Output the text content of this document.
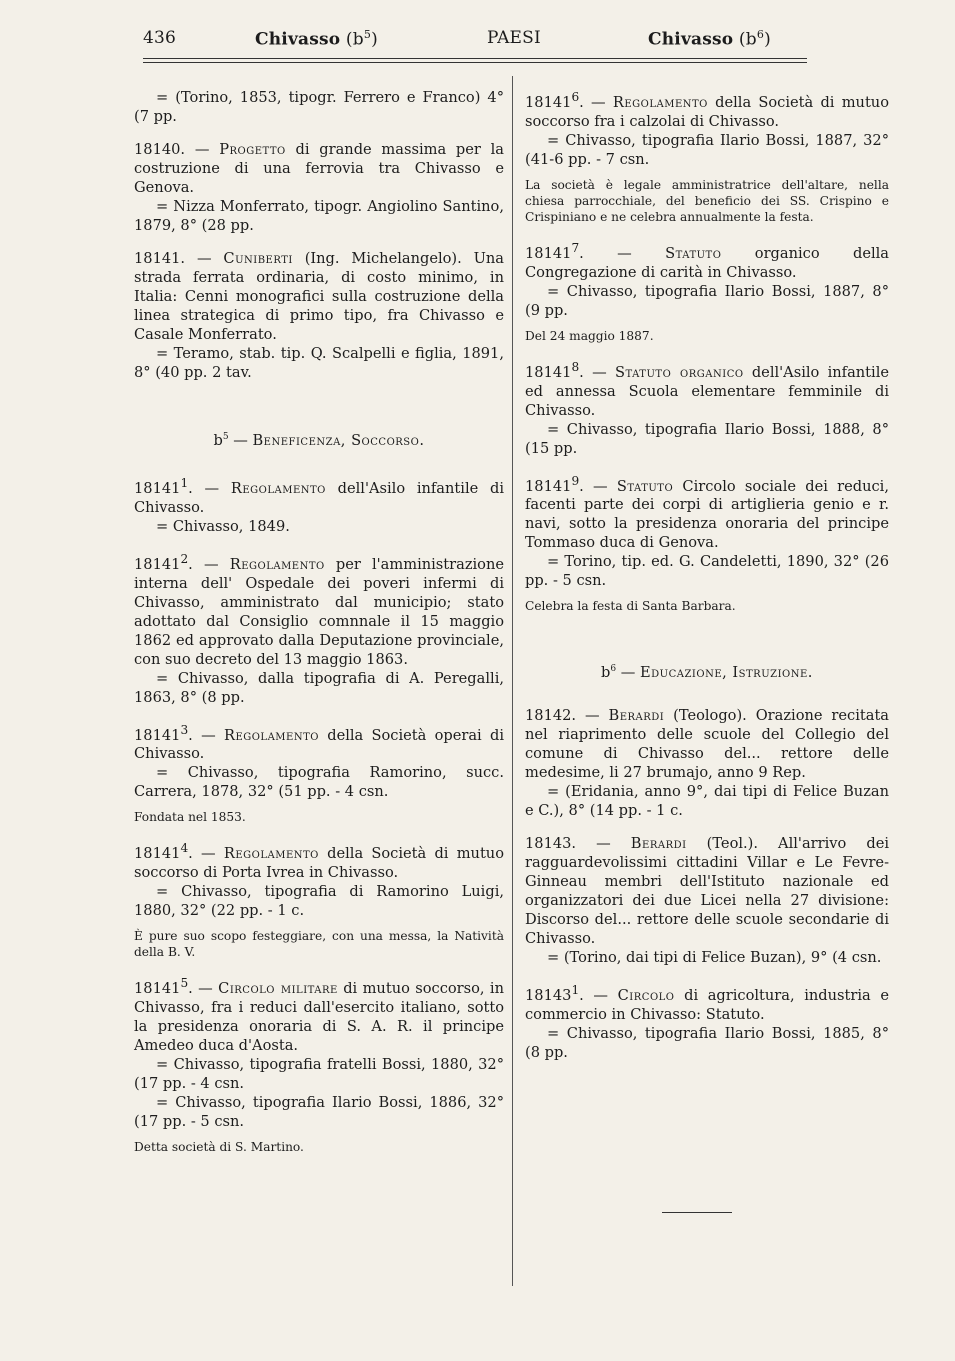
436	Chivasso $(b^5)$	PAESI	Chivasso $(b^6)$

= (Torino, 1853, tipogr. Ferrero e Franco) 4° (7 pp.

18140. — Progetto di grande massima per la costruzione di una ferrovia tra Chivasso e Genova.

= Nizza Monferrato, tipogr. Angiolino Santino, 1879, 8° (28 pp.

18141. — Cuniberti (Ing. Michelangelo). Una strada ferrata ordinaria, di costo minimo, in Italia: Cenni monografici sulla costruzione della linea strategica di primo tipo, fra Chivasso e Casale Monferrato.

= Teramo, stab. tip. Q. Scalpelli e figlia, 1891, 8° (40 pp. 2 tav.

$b^5$ — Beneficenza, Soccorso.

18141$^1$. — Regolamento dell'Asilo infantile di Chivasso.

= Chivasso, 1849.

18141$^2$. — Regolamento per l'amministrazione interna dell' Ospedale dei poveri infermi di Chivasso, amministrato dal municipio; stato adottato dal Consiglio comnnale il 15 maggio 1862 ed approvato dalla Deputazione provinciale, con suo decreto del 13 maggio 1863.

= Chivasso, dalla tipografia di A. Peregalli, 1863, 8° (8 pp.

18141$^3$. — Regolamento della Società operai di Chivasso.

= Chivasso, tipografia Ramorino, succ. Carrera, 1878, 32° (51 pp. - 4 csn.

Fondata nel 1853.

18141$^4$. — Regolamento della Società di mutuo soccorso di Porta Ivrea in Chivasso.

= Chivasso, tipografia di Ramorino Luigi, 1880, 32° (22 pp. - 1 c.

È pure suo scopo festeggiare, con una messa, la Natività della B. V.

18141$^5$. — Circolo militare di mutuo soccorso, in Chivasso, fra i reduci dall'esercito italiano, sotto la presidenza onoraria di S. A. R. il principe Amedeo duca d'Aosta.

= Chivasso, tipografia fratelli Bossi, 1880, 32° (17 pp. - 4 csn.

= Chivasso, tipografia Ilario Bossi, 1886, 32° (17 pp. - 5 csn.

Detta società di S. Martino.

18141$^6$. — Regolamento della Società di mutuo soccorso fra i calzolai di Chivasso.

= Chivasso, tipografia Ilario Bossi, 1887, 32° (41-6 pp. - 7 csn.

La società è legale amministratrice dell'altare, nella chiesa parrocchiale, del beneficio dei SS. Crispino e Crispiniano e ne celebra annualmente la festa.

18141$^7$. — Statuto organico della Congregazione di carità in Chivasso.

= Chivasso, tipografia Ilario Bossi, 1887, 8° (9 pp.

Del 24 maggio 1887.

18141$^8$. — Statuto organico dell'Asilo infantile ed annessa Scuola elementare femminile di Chivasso.

= Chivasso, tipografia Ilario Bossi, 1888, 8° (15 pp.

18141$^9$. — Statuto Circolo sociale dei reduci, facenti parte dei corpi di artiglieria genio e r. navi, sotto la presidenza onoraria del principe Tommaso duca di Genova.

= Torino, tip. ed. G. Candeletti, 1890, 32° (26 pp. - 5 csn.

Celebra la festa di Santa Barbara.

$b^6$ — Educazione, Istruzione.

18142. — Berardi (Teologo). Orazione recitata nel riaprimento delle scuole del Collegio del comune di Chivasso del... rettore delle medesime, li 27 brumajo, anno 9 Rep.

= (Eridania, anno 9°, dai tipi di Felice Buzan e C.), 8° (14 pp. - 1 c.

18143. — Berardi (Teol.). All'arrivo dei ragguardevolissimi cittadini Villar e Le Fevre-Ginneau membri dell'Istituto nazionale ed organizzatori dei due Licei nella 27 divisione: Discorso del... rettore delle scuole secondarie di Chivasso.

= (Torino, dai tipi di Felice Buzan), 9° (4 csn.

18143$^1$. — Circolo di agricoltura, industria e commercio in Chivasso: Statuto.

= Chivasso, tipografia Ilario Bossi, 1885, 8° (8 pp.
